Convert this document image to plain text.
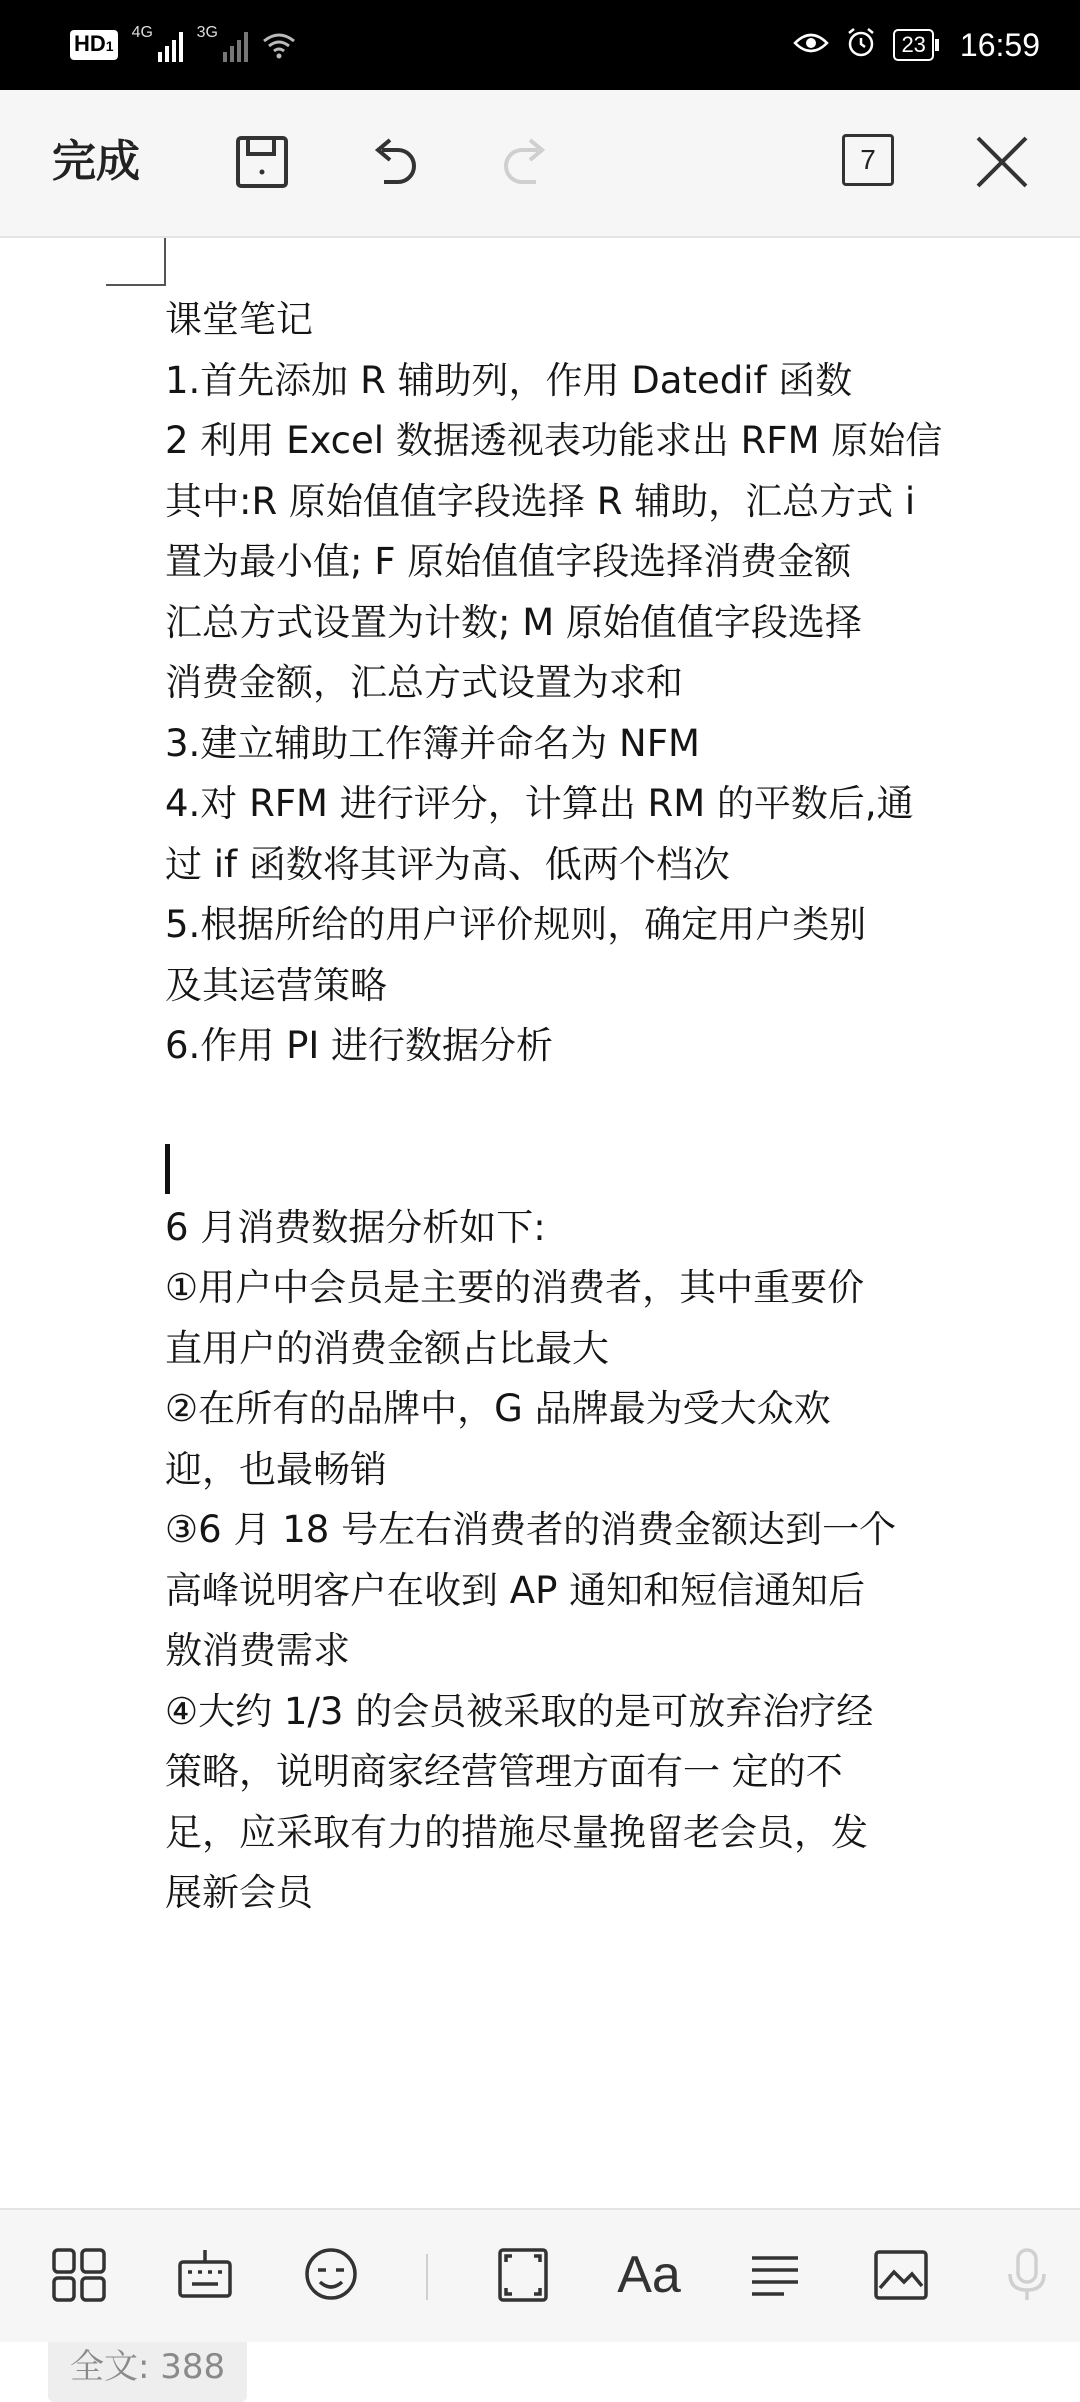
HD1
4G	3G	23 16:59
完成	7
课堂笔记
1.首先添加 R 辅助列，作用 Datedif 函数
2 利用 Excel 数据透视表功能求出 RFM 原始信
其中:R 原始值值字段选择 R 辅助，汇总方式 i
置为最小值; F 原始值值字段选择消费金额
汇总方式设置为计数; M 原始值值字段选择
消费金额，汇总方式设置为求和
3.建立辅助工作簿并命名为 NFM
4.对 RFM 进行评分，计算出 RM 的平数后,通
过 if 函数将其评为高、低两个档次
5.根据所给的用户评价规则，确定用户类别
及其运营策略
6.作用 PI 进行数据分析
6 月消费数据分析如下:
①用户中会员是主要的消费者，其中重要价
直用户的消费金额占比最大
②在所有的品牌中，G 品牌最为受大众欢
迎，也最畅销
③6 月 18 号左右消费者的消费金额达到一个
高峰说明客户在收到 AP 通知和短信通知后
敫消费需求
④大约 1/3 的会员被采取的是可放弃治疗经
策略，说明商家经营管理方面有一 定的不
足，应采取有力的措施尽量挽留老会员，发
展新会员
全文: 388
Aa
